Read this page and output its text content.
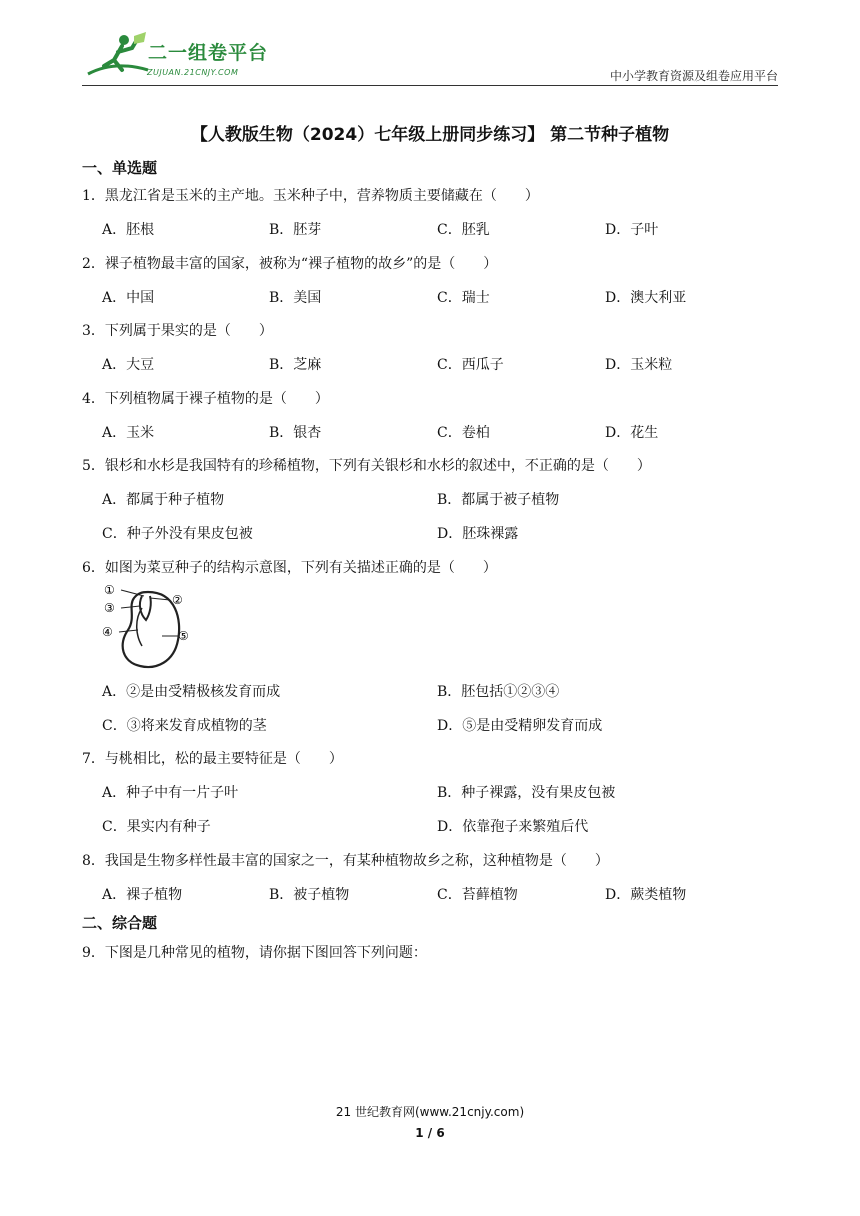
二一组卷平台
ZUJUAN.21CNJY.COM	中小学教育资源及组卷应用平台
【人教版生物（2024）七年级上册同步练习】 第二节种子植物
一、单选题
1．黑龙江省是玉米的主产地。玉米种子中，营养物质主要储藏在（　　）
A．胚根	B．胚芽	C．胚乳	D．子叶
2．裸子植物最丰富的国家，被称为“裸子植物的故乡”的是（　　）
A．中国	B．美国	C．瑞士	D．澳大利亚
3．下列属于果实的是（　　）
A．大豆	B．芝麻	C．西瓜子	D．玉米粒
4．下列植物属于裸子植物的是（　　）
A．玉米	B．银杏	C．卷柏	D．花生
5．银杉和水杉是我国特有的珍稀植物，下列有关银杉和水杉的叙述中，不正确的是（　　）
A．都属于种子植物	B．都属于被子植物
C．种子外没有果皮包被	D．胚珠裸露
6．如图为菜豆种子的结构示意图，下列有关描述正确的是（　　）
①
②
③
④	⑤
A．②是由受精极核发育而成	B．胚包括①②③④
C．③将来发育成植物的茎	D．⑤是由受精卵发育而成
7．与桃相比，松的最主要特征是（　　）
A．种子中有一片子叶	B．种子裸露，没有果皮包被
C．果实内有种子	D．依靠孢子来繁殖后代
8．我国是生物多样性最丰富的国家之一，有某种植物故乡之称，这种植物是（　　）
A．裸子植物	B．被子植物	C．苔藓植物	D．蕨类植物
二、综合题
9．下图是几种常见的植物，请你据下图回答下列问题：
21 世纪教育网(www.21cnjy.com)
1 / 6
